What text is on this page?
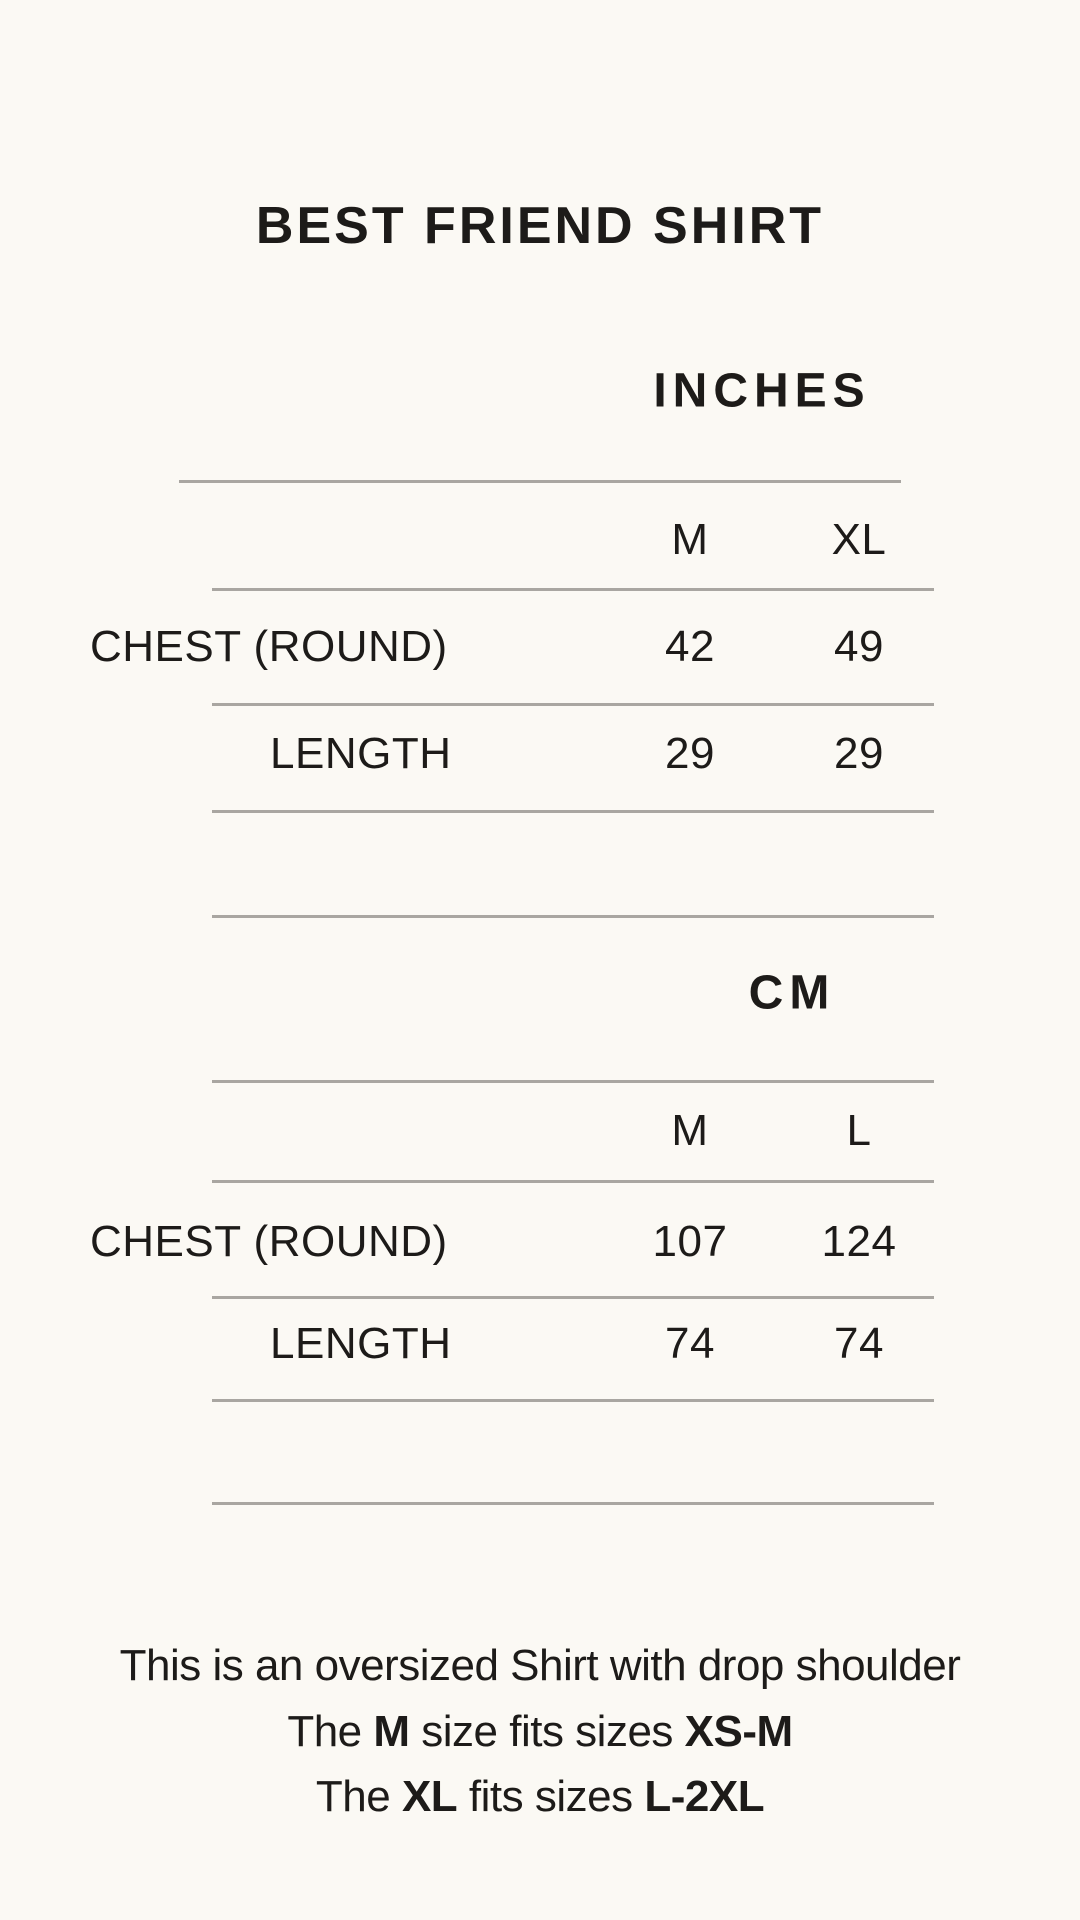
BEST FRIEND SHIRT
INCHES
M	XL
CHEST (ROUND)	42	49
LENGTH	29	29
CM
M	L
CHEST (ROUND)	107 124
LENGTH	74	74
This is an oversized Shirt with drop shoulder
The M size fits sizes XS-M
The XL fits sizes L-2XL
